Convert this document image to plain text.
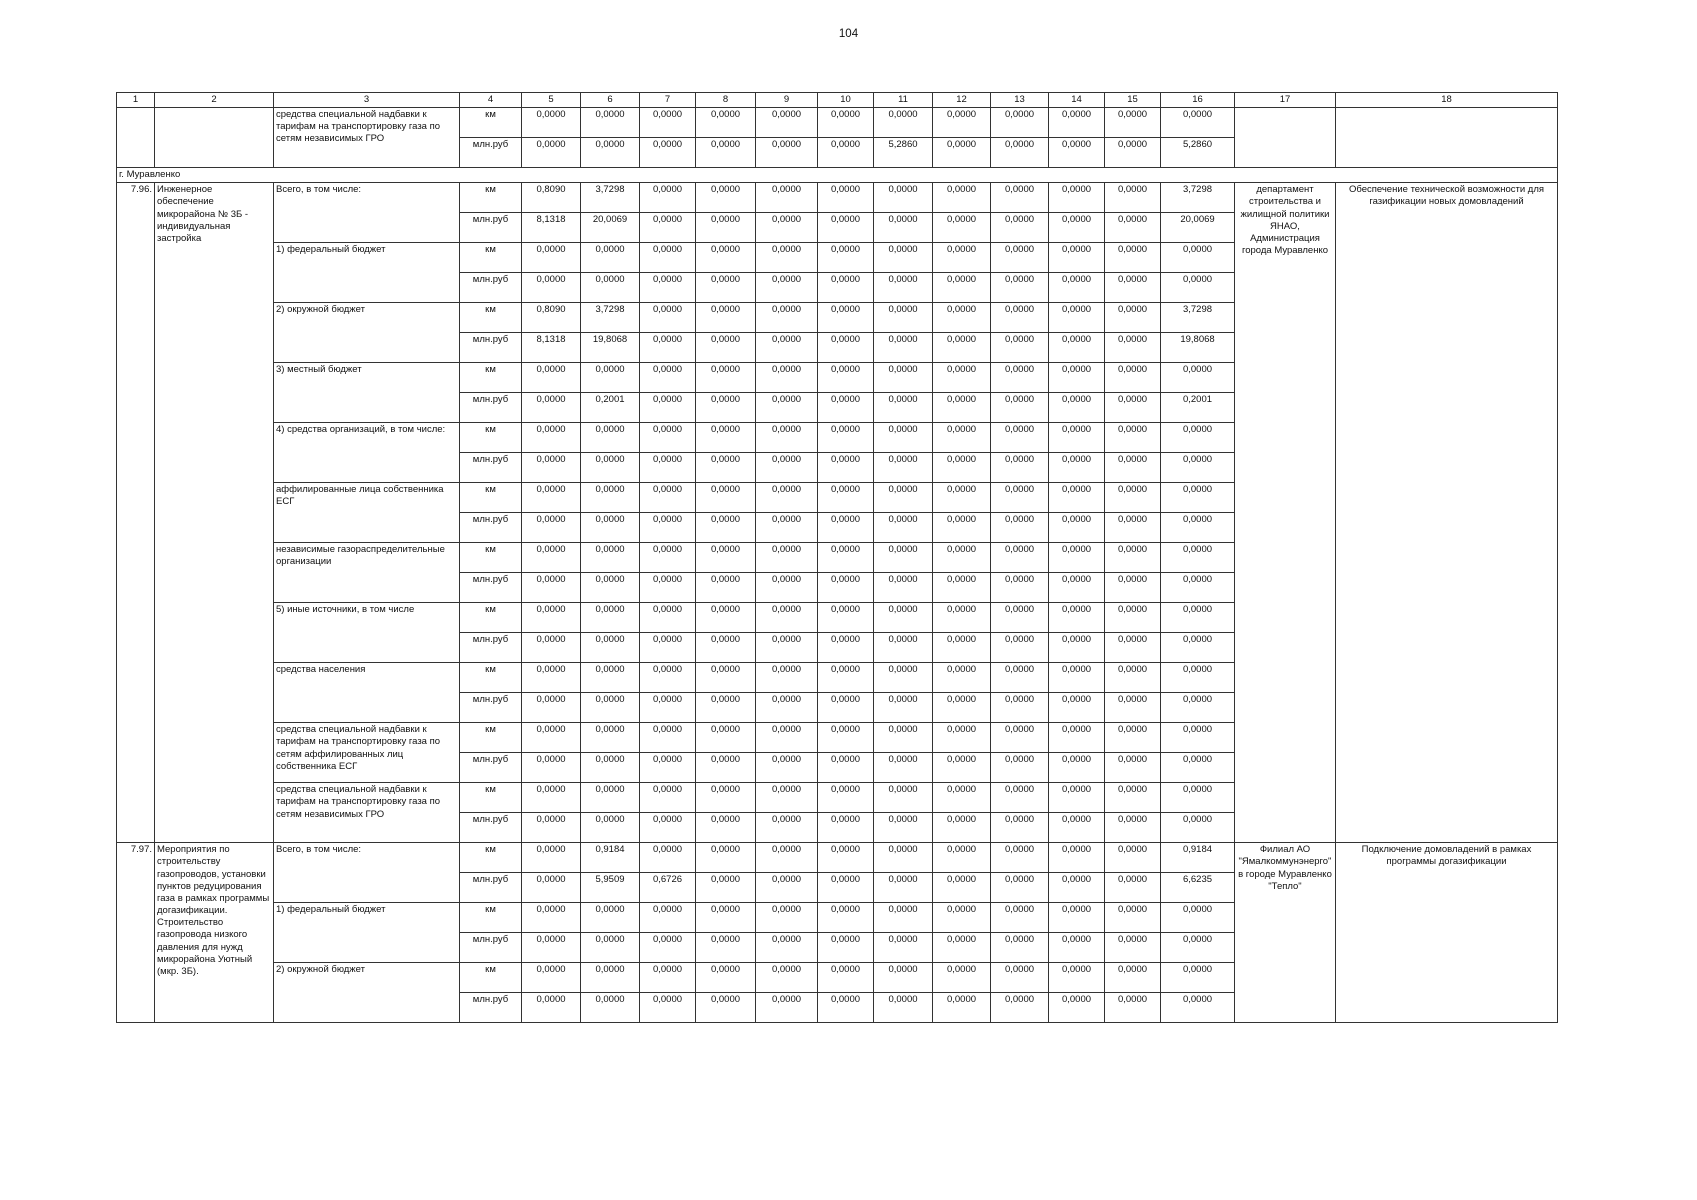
104
1	2	3	4	5	6	7	8	9	10	11	12	13	14	15	16	17	18
		средства специальной надбавки к тарифам на транспортировку газа по сетям независимых ГРО	км	0,0000	0,0000	0,0000	0,0000	0,0000	0,0000	0,0000	0,0000	0,0000	0,0000	0,0000	0,0000		
			млн.руб	0,0000	0,0000	0,0000	0,0000	0,0000	0,0000	5,2860	0,0000	0,0000	0,0000	0,0000	5,2860		
г. Муравленко																	
7.96.	Инженерное обеспечение микрорайона № 3Б - индивидуальная застройка	Всего, в том числе:	км	0,8090	3,7298	0,0000	0,0000	0,0000	0,0000	0,0000	0,0000	0,0000	0,0000	0,0000	3,7298	департамент строительства и жилищной политики ЯНАО, Администрация города Муравленко	Обеспечение технической возможности для газификации новых домовладений
			млн.руб	8,1318	20,0069	0,0000	0,0000	0,0000	0,0000	0,0000	0,0000	0,0000	0,0000	0,0000	20,0069		
		1) федеральный бюджет	км	0,0000	0,0000	0,0000	0,0000	0,0000	0,0000	0,0000	0,0000	0,0000	0,0000	0,0000	0,0000		
			млн.руб	0,0000	0,0000	0,0000	0,0000	0,0000	0,0000	0,0000	0,0000	0,0000	0,0000	0,0000	0,0000		
		2) окружной бюджет	км	0,8090	3,7298	0,0000	0,0000	0,0000	0,0000	0,0000	0,0000	0,0000	0,0000	0,0000	3,7298		
			млн.руб	8,1318	19,8068	0,0000	0,0000	0,0000	0,0000	0,0000	0,0000	0,0000	0,0000	0,0000	19,8068		
		3) местный бюджет	км	0,0000	0,0000	0,0000	0,0000	0,0000	0,0000	0,0000	0,0000	0,0000	0,0000	0,0000	0,0000		
			млн.руб	0,0000	0,2001	0,0000	0,0000	0,0000	0,0000	0,0000	0,0000	0,0000	0,0000	0,0000	0,2001		
		4) средства организаций, в том числе:	км	0,0000	0,0000	0,0000	0,0000	0,0000	0,0000	0,0000	0,0000	0,0000	0,0000	0,0000	0,0000		
			млн.руб	0,0000	0,0000	0,0000	0,0000	0,0000	0,0000	0,0000	0,0000	0,0000	0,0000	0,0000	0,0000		
		аффилированные лица собственника ЕСГ	км	0,0000	0,0000	0,0000	0,0000	0,0000	0,0000	0,0000	0,0000	0,0000	0,0000	0,0000	0,0000		
			млн.руб	0,0000	0,0000	0,0000	0,0000	0,0000	0,0000	0,0000	0,0000	0,0000	0,0000	0,0000	0,0000		
		независимые газораспределительные организации	км	0,0000	0,0000	0,0000	0,0000	0,0000	0,0000	0,0000	0,0000	0,0000	0,0000	0,0000	0,0000		
			млн.руб	0,0000	0,0000	0,0000	0,0000	0,0000	0,0000	0,0000	0,0000	0,0000	0,0000	0,0000	0,0000		
		5) иные источники, в том числе	км	0,0000	0,0000	0,0000	0,0000	0,0000	0,0000	0,0000	0,0000	0,0000	0,0000	0,0000	0,0000		
			млн.руб	0,0000	0,0000	0,0000	0,0000	0,0000	0,0000	0,0000	0,0000	0,0000	0,0000	0,0000	0,0000		
		средства населения	км	0,0000	0,0000	0,0000	0,0000	0,0000	0,0000	0,0000	0,0000	0,0000	0,0000	0,0000	0,0000		
			млн.руб	0,0000	0,0000	0,0000	0,0000	0,0000	0,0000	0,0000	0,0000	0,0000	0,0000	0,0000	0,0000		
		средства специальной надбавки к тарифам на транспортировку газа по сетям аффилированных лиц собственника ЕСГ	км	0,0000	0,0000	0,0000	0,0000	0,0000	0,0000	0,0000	0,0000	0,0000	0,0000	0,0000	0,0000		
			млн.руб	0,0000	0,0000	0,0000	0,0000	0,0000	0,0000	0,0000	0,0000	0,0000	0,0000	0,0000	0,0000		
		средства специальной надбавки к тарифам на транспортировку газа по сетям независимых ГРО	км	0,0000	0,0000	0,0000	0,0000	0,0000	0,0000	0,0000	0,0000	0,0000	0,0000	0,0000	0,0000		
			млн.руб	0,0000	0,0000	0,0000	0,0000	0,0000	0,0000	0,0000	0,0000	0,0000	0,0000	0,0000	0,0000		
7.97.	Мероприятия по строительству газопроводов, установки пунктов редуцирования газа в рамках программы догазификации. Строительство газопровода низкого давления для нужд микрорайона Уютный (мкр. 3Б).	Всего, в том числе:	км	0,0000	0,9184	0,0000	0,0000	0,0000	0,0000	0,0000	0,0000	0,0000	0,0000	0,0000	0,9184	Филиал АО "Ямалкоммунэнерго" в городе Муравленко "Тепло"	Подключение домовладений в рамках программы догазификации
			млн.руб	0,0000	5,9509	0,6726	0,0000	0,0000	0,0000	0,0000	0,0000	0,0000	0,0000	0,0000	6,6235		
		1) федеральный бюджет	км	0,0000	0,0000	0,0000	0,0000	0,0000	0,0000	0,0000	0,0000	0,0000	0,0000	0,0000	0,0000		
			млн.руб	0,0000	0,0000	0,0000	0,0000	0,0000	0,0000	0,0000	0,0000	0,0000	0,0000	0,0000	0,0000		
		2) окружной бюджет	км	0,0000	0,0000	0,0000	0,0000	0,0000	0,0000	0,0000	0,0000	0,0000	0,0000	0,0000	0,0000		
			млн.руб	0,0000	0,0000	0,0000	0,0000	0,0000	0,0000	0,0000	0,0000	0,0000	0,0000	0,0000	0,0000		
